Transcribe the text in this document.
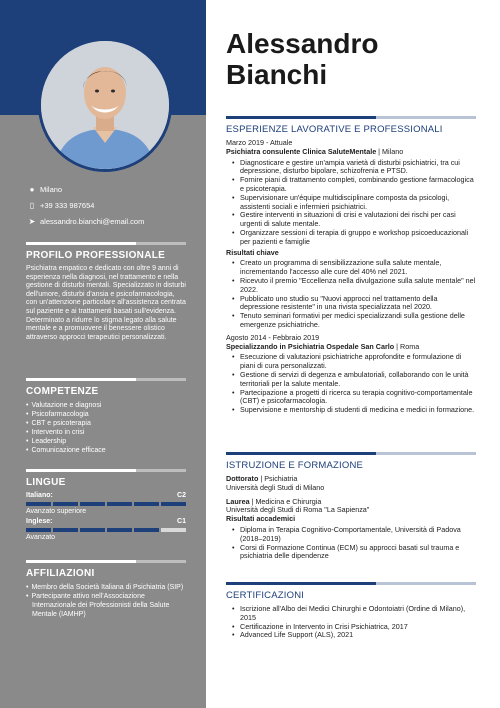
● Milano
▯ +39 333 987654
➤ alessandro.bianchi@email.com
PROFILO PROFESSIONALE
Psichiatra empatico e dedicato con oltre 9 anni di esperienza nella diagnosi, nel trattamento e nella gestione di disturbi mentali. Specializzato in disturbi dell'umore, disturbi d'ansia e psicofarmacologia, con un'attenzione particolare all'assistenza centrata sul paziente e ai trattamenti basati sull'evidenza. Determinato a ridurre lo stigma legato alla salute mentale e a promuovere il benessere olistico attraverso approcci terapeutici personalizzati.
COMPETENZE
• Valutazione e diagnosi
• Psicofarmacologia
• CBT e psicoterapia
• Intervento in crisi
• Leadership
• Comunicazione efficace
LINGUE
Italiano:	C2
Avanzato superiore
Inglese:	C1
Avanzato
AFFILIAZIONI
• Membro della Società Italiana di Psichiatria (SIP)
• Partecipante attivo nell'Associazione Internazionale dei Professionisti della Salute Mentale (IAMHP)
Alessandro
Bianchi
ESPERIENZE LAVORATIVE E PROFESSIONALI
Marzo 2019 - Attuale
Psichiatra consulente Clinica SaluteMentale | Milano
• Diagnosticare e gestire un'ampia varietà di disturbi psichiatrici, tra cui depressione, disturbo bipolare, schizofrenia e PTSD.
• Fornire piani di trattamento completi, combinando gestione farmacologica e psicoterapia.
• Supervisionare un'équipe multidisciplinare composta da psicologi, assistenti sociali e infermieri psichiatrici.
• Gestire interventi in situazioni di crisi e valutazioni dei rischi per casi urgenti di salute mentale.
• Organizzare sessioni di terapia di gruppo e workshop psicoeducazionali per pazienti e famiglie
Risultati chiave
• Creato un programma di sensibilizzazione sulla salute mentale, incrementando l'accesso alle cure del 40% nel 2021.
• Ricevuto il premio "Eccellenza nella divulgazione sulla salute mentale" nel 2022.
• Pubblicato uno studio su "Nuovi approcci nel trattamento della depressione resistente" in una rivista specializzata nel 2020.
• Tenuto seminari formativi per medici specializzandi sulla gestione delle emergenze psichiatriche.
Agosto 2014 - Febbraio 2019
Specializzando in Psichiatria Ospedale San Carlo | Roma
• Esecuzione di valutazioni psichiatriche approfondite e formulazione di piani di cura personalizzati.
• Gestione di servizi di degenza e ambulatoriali, collaborando con le unità territoriali per la salute mentale.
• Partecipazione a progetti di ricerca su terapia cognitivo-comportamentale (CBT) e psicofarmacologia.
• Supervisione e mentorship di studenti di medicina e medici in formazione.
ISTRUZIONE E FORMAZIONE
Dottorato | Psichiatria
Università degli Studi di Milano
Laurea | Medicina e Chirurgia
Università degli Studi di Roma "La Sapienza"
Risultati accademici
• Diploma in Terapia Cognitivo-Comportamentale, Università di Padova (2018–2019)
• Corsi di Formazione Continua (ECM) su approcci basati sul trauma e psichiatria delle dipendenze
CERTIFICAZIONI
• Iscrizione all'Albo dei Medici Chirurghi e Odontoiatri (Ordine di Milano), 2015
• Certificazione in Intervento in Crisi Psichiatrica, 2017
• Advanced Life Support (ALS), 2021
